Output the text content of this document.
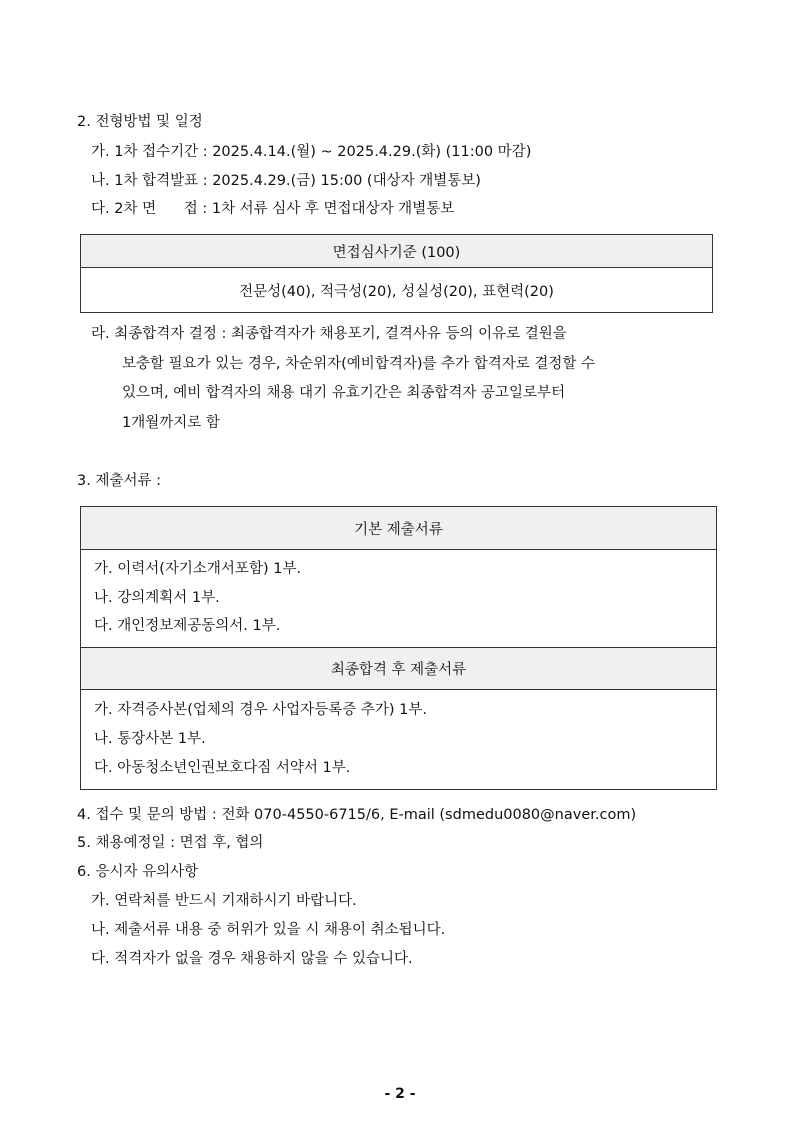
2. 전형방법 및 일정
가. 1차 접수기간 : 2025.4.14.(월) ~ 2025.4.29.(화) (11:00 마감)
나. 1차 합격발표 : 2025.4.29.(금) 15:00 (대상자 개별통보)
다. 2차 면      접 : 1차 서류 심사 후 면접대상자 개별통보
면접심사기준 (100)
전문성(40), 적극성(20), 성실성(20), 표현력(20)
라. 최종합격자 결정 : 최종합격자가 채용포기, 결격사유 등의 이유로 결원을
보충할 필요가 있는 경우, 차순위자(예비합격자)를 추가 합격자로 결정할 수
있으며, 예비 합격자의 채용 대기 유효기간은 최종합격자 공고일로부터
1개월까지로 함
3. 제출서류 :
기본 제출서류
가. 이력서(자기소개서포함) 1부.
나. 강의계획서 1부.
다. 개인정보제공동의서. 1부.
최종합격 후 제출서류
가. 자격증사본(업체의 경우 사업자등록증 추가) 1부.
나. 통장사본 1부.
다. 아동청소년인권보호다짐 서약서 1부.
4. 접수 및 문의 방법 : 전화 070-4550-6715/6, E-mail (sdmedu0080@naver.com)
5. 채용예정일 : 면접 후, 협의
6. 응시자 유의사항
가. 연락처를 반드시 기재하시기 바랍니다.
나. 제출서류 내용 중 허위가 있을 시 채용이 취소됩니다.
다. 적격자가 없을 경우 채용하지 않을 수 있습니다.
- 2 -
